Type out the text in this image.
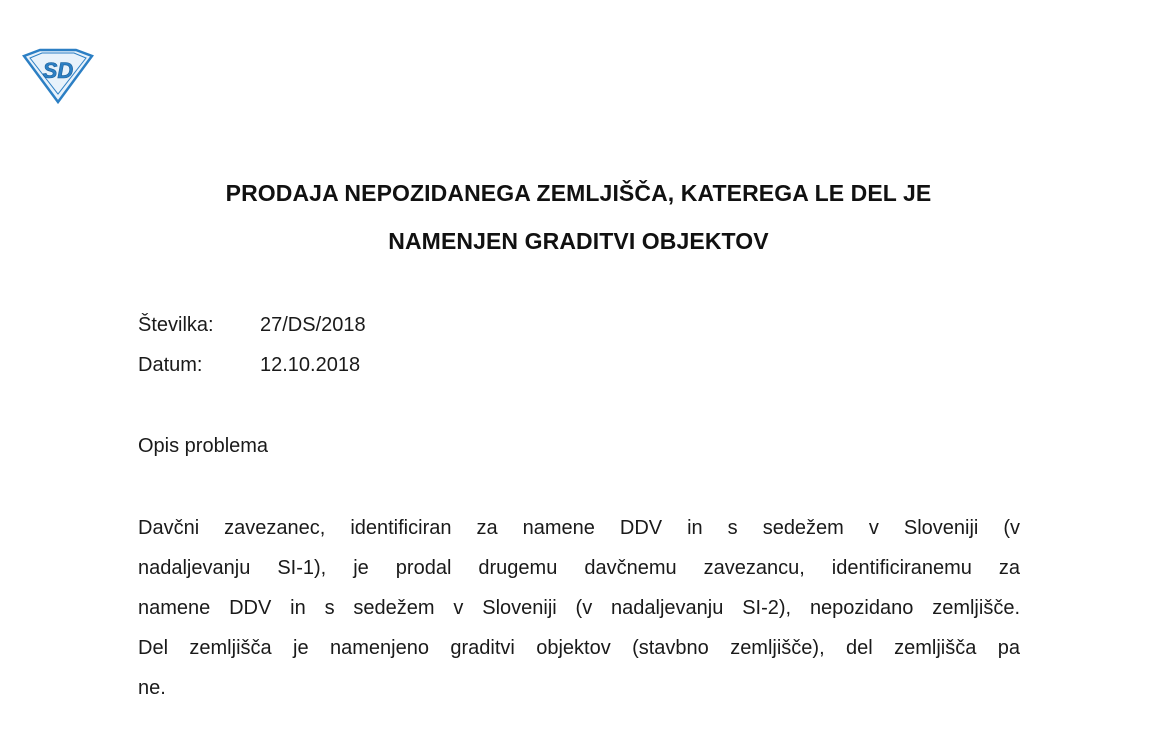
SD
PRODAJA NEPOZIDANEGA ZEMLJIŠČA, KATEREGA LE DEL JE
NAMENJEN GRADITVI OBJEKTOV
Številka: 27/DS/2018
Datum:	12.10.2018
Opis problema
Davčni zavezanec, identificiran za namene DDV in s sedežem v Sloveniji (v
nadaljevanju SI-1), je prodal drugemu davčnemu zavezancu, identificiranemu za
namene DDV in s sedežem v Sloveniji (v nadaljevanju SI-2), nepozidano zemljišče.
Del zemljišča je namenjeno graditvi objektov (stavbno zemljišče), del zemljišča pa
ne.
